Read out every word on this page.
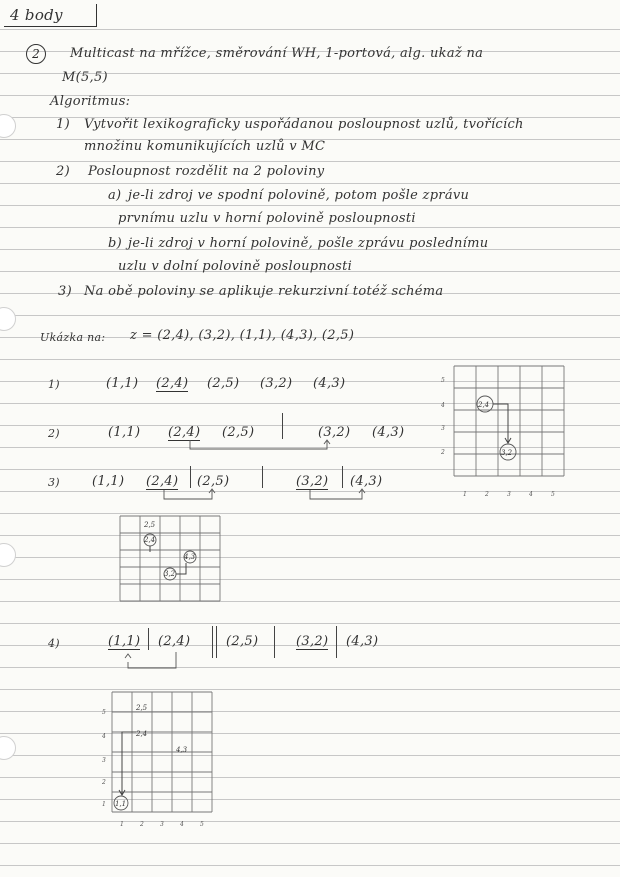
4 body
2	Multicast na mřížce, směrování WH, 1-portová, alg. ukaž na
M(5,5)
Algoritmus:
1) Vytvořit lexikograficky uspořádanou posloupnost uzlů, tvořících
množinu komunikujících uzlů v MC
2) Posloupnost rozdělit na 2 poloviny
a) je-li zdroj ve spodní polovině, potom pošle zprávu
prvnímu uzlu v horní polovině posloupnosti
b) je-li zdroj v horní polovině, pošle zprávu poslednímu
uzlu v dolní polovině posloupnosti
3) Na obě poloviny se aplikuje rekurzivní totéž schéma
Ukázka na: z = (2,4), (3,2), (1,1), (4,3), (2,5)
1)	(1,1) (2,4) (2,5) (3,2) (4,3)
2)	(1,1) (2,4) (2,5)	(3,2) (4,3)
3) (1,1) (2,4) (2,5)	(3,2) (4,3)
4)	(1,1) (2,4)	(2,5)	(3,2) (4,3)
5
4
3
2
1	2	3	4	5
2,4
3,2
2,5
2,4
4,3
3,2
5
4
3
2
1
1	2	3	4	5
2,5
2,4
4,3
1,1
